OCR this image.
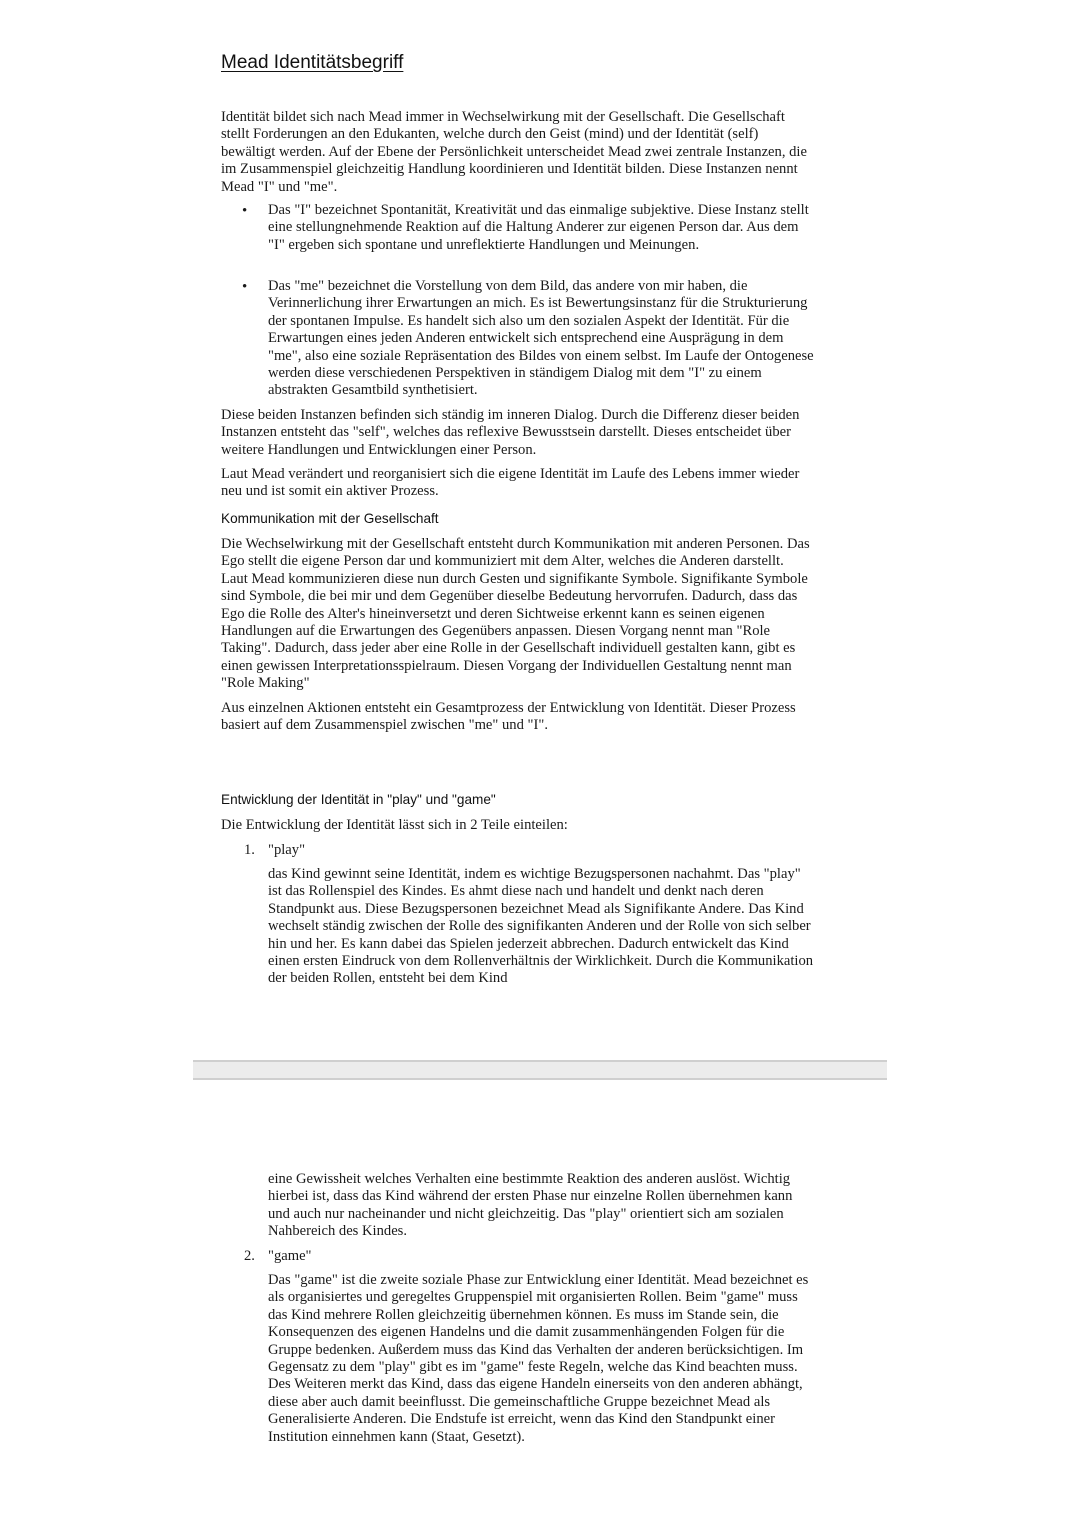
Mead Identitätsbegriff

Identität bildet sich nach Mead immer in Wechselwirkung mit der Gesellschaft. Die Gesellschaft stellt Forderungen an den Edukanten, welche durch den Geist (mind) und der Identität (self) bewältigt werden. Auf der Ebene der Persönlichkeit unterscheidet Mead zwei zentrale Instanzen, die im Zusammenspiel gleichzeitig Handlung koordinieren und Identität bilden. Diese Instanzen nennt Mead "I" und "me".

• Das "I" bezeichnet Spontanität, Kreativität und das einmalige subjektive. Diese Instanz stellt eine stellungnehmende Reaktion auf die Haltung Anderer zur eigenen Person dar. Aus dem "I" ergeben sich spontane und unreflektierte Handlungen und Meinungen.

• Das "me" bezeichnet die Vorstellung von dem Bild, das andere von mir haben, die Verinnerlichung ihrer Erwartungen an mich. Es ist Bewertungsinstanz für die Strukturierung der spontanen Impulse. Es handelt sich also um den sozialen Aspekt der Identität. Für die Erwartungen eines jeden Anderen entwickelt sich entsprechend eine Ausprägung in dem "me", also eine soziale Repräsentation des Bildes von einem selbst. Im Laufe der Ontogenese werden diese verschiedenen Perspektiven in ständigem Dialog mit dem "I" zu einem abstrakten Gesamtbild synthetisiert.

Diese beiden Instanzen befinden sich ständig im inneren Dialog. Durch die Differenz dieser beiden Instanzen entsteht das "self", welches das reflexive Bewusstsein darstellt. Dieses entscheidet über weitere Handlungen und Entwicklungen einer Person.

Laut Mead verändert und reorganisiert sich die eigene Identität im Laufe des Lebens immer wieder neu und ist somit ein aktiver Prozess.

Kommunikation mit der Gesellschaft

Die Wechselwirkung mit der Gesellschaft entsteht durch Kommunikation mit anderen Personen. Das Ego stellt die eigene Person dar und kommuniziert mit dem Alter, welches die Anderen darstellt. Laut Mead kommunizieren diese nun durch Gesten und signifikante Symbole. Signifikante Symbole sind Symbole, die bei mir und dem Gegenüber dieselbe Bedeutung hervorrufen. Dadurch, dass das Ego die Rolle des Alter's hineinversetzt und deren Sichtweise erkennt kann es seinen eigenen Handlungen auf die Erwartungen des Gegenübers anpassen. Diesen Vorgang nennt man "Role Taking". Dadurch, dass jeder aber eine Rolle in der Gesellschaft individuell gestalten kann, gibt es einen gewissen Interpretationsspielraum. Diesen Vorgang der Individuellen Gestaltung nennt man "Role Making"

Aus einzelnen Aktionen entsteht ein Gesamtprozess der Entwicklung von Identität. Dieser Prozess basiert auf dem Zusammenspiel zwischen "me" und "I".

Entwicklung der Identität in "play" und "game"

Die Entwicklung der Identität lässt sich in 2 Teile einteilen:

1. "play"

das Kind gewinnt seine Identität, indem es wichtige Bezugspersonen nachahmt. Das "play" ist das Rollenspiel des Kindes. Es ahmt diese nach und handelt und denkt nach deren Standpunkt aus. Diese Bezugspersonen bezeichnet Mead als Signifikante Andere. Das Kind wechselt ständig zwischen der Rolle des signifikanten Anderen und der Rolle von sich selber hin und her. Es kann dabei das Spielen jederzeit abbrechen. Dadurch entwickelt das Kind einen ersten Eindruck von dem Rollenverhältnis der Wirklichkeit. Durch die Kommunikation der beiden Rollen, entsteht bei dem Kind

eine Gewissheit welches Verhalten eine bestimmte Reaktion des anderen auslöst. Wichtig hierbei ist, dass das Kind während der ersten Phase nur einzelne Rollen übernehmen kann und auch nur nacheinander und nicht gleichzeitig. Das "play" orientiert sich am sozialen Nahbereich des Kindes.

2. "game"

Das "game" ist die zweite soziale Phase zur Entwicklung einer Identität. Mead bezeichnet es als organisiertes und geregeltes Gruppenspiel mit organisierten Rollen. Beim "game" muss das Kind mehrere Rollen gleichzeitig übernehmen können. Es muss im Stande sein, die Konsequenzen des eigenen Handelns und die damit zusammenhängenden Folgen für die Gruppe bedenken. Außerdem muss das Kind das Verhalten der anderen berücksichtigen. Im Gegensatz zu dem "play" gibt es im "game" feste Regeln, welche das Kind beachten muss. Des Weiteren merkt das Kind, dass das eigene Handeln einerseits von den anderen abhängt, diese aber auch damit beeinflusst. Die gemeinschaftliche Gruppe bezeichnet Mead als Generalisierte Anderen. Die Endstufe ist erreicht, wenn das Kind den Standpunkt einer Institution einnehmen kann (Staat, Gesetzt).
